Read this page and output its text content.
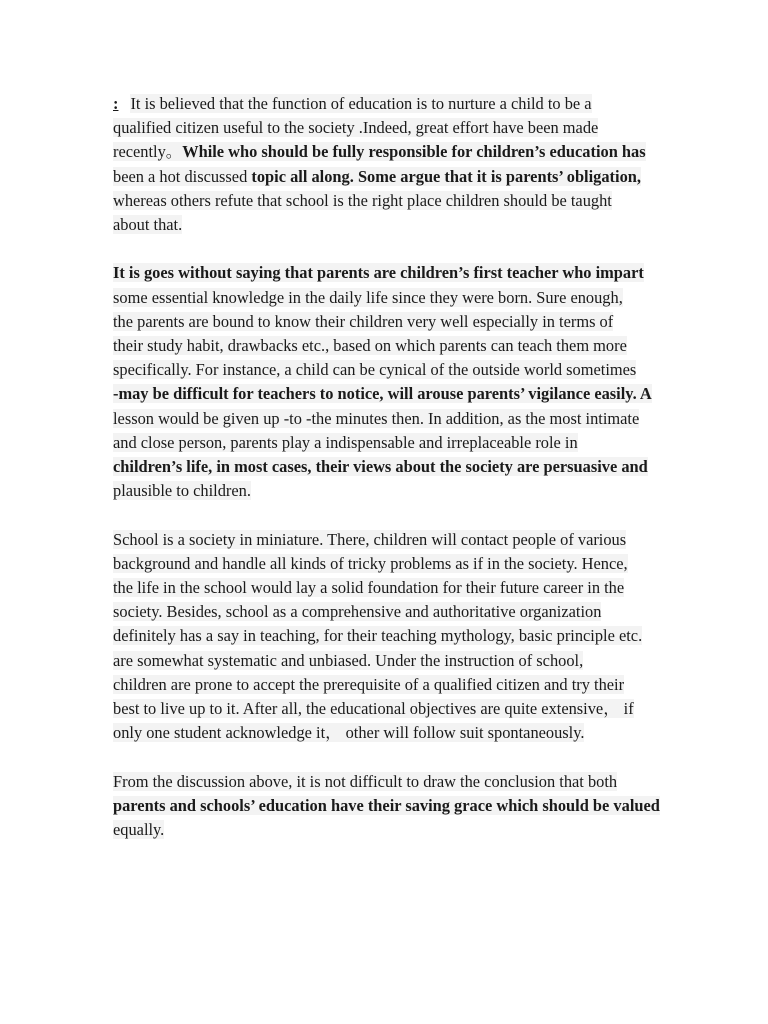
: It is believed that the function of education is to nurture a child to be a
qualified citizen useful to the society .Indeed, great effort have been made
recently。While who should be fully responsible for children’s education has
been a hot discussed topic all along. Some argue that it is parents’ obligation,
whereas others refute that school is the right place children should be taught
about that.
It is goes without saying that parents are children’s first teacher who impart
some essential knowledge in the daily life since they were born. Sure enough,
the parents are bound to know their children very well especially in terms of
their study habit, drawbacks etc., based on which parents can teach them more
specifically. For instance, a child can be cynical of the outside world sometimes
-may be difficult for teachers to notice, will arouse parents’ vigilance easily. A
lesson would be given up -to -the minutes then. In addition, as the most intimate
and close person, parents play a indispensable and irreplaceable role in
children’s life, in most cases, their views about the society are persuasive and
plausible to children.
School is a society in miniature. There, children will contact people of various
background and handle all kinds of tricky problems as if in the society. Hence,
the life in the school would lay a solid foundation for their future career in the
society. Besides, school as a comprehensive and authoritative organization
definitely has a say in teaching, for their teaching mythology, basic principle etc.
are somewhat systematic and unbiased. Under the instruction of school,
children are prone to accept the prerequisite of a qualified citizen and try their
best to live up to it. After all, the educational objectives are quite extensive， if
only one student acknowledge it， other will follow suit spontaneously.
From the discussion above, it is not difficult to draw the conclusion that both
parents and schools’ education have their saving grace which should be valued
equally.
